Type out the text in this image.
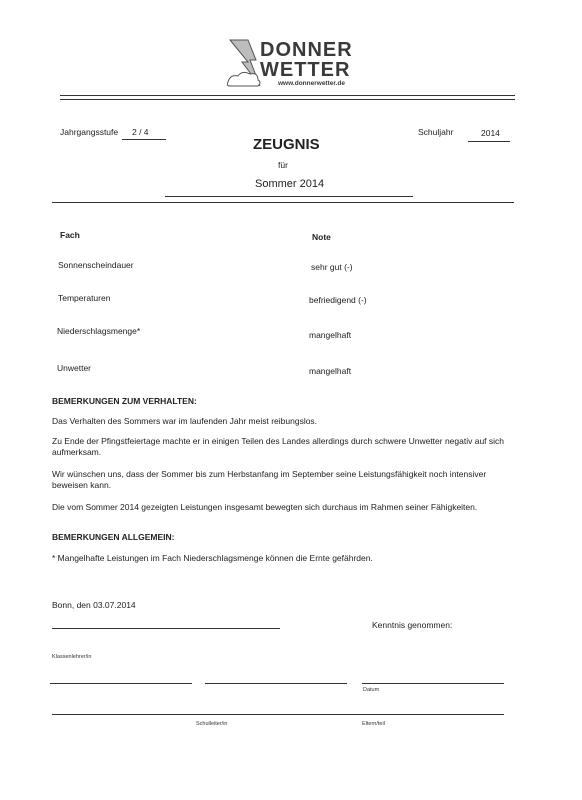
DONNER
WETTER
www.donnerwetter.de
Jahrgangsstufe 2 / 4
ZEUGNIS
für
Sommer 2014
Schuljahr	2014
Fach	Note
Sonnenscheindauer	sehr gut (-)
Temperaturen	befriedigend (-)
Niederschlagsmenge*	mangelhaft
Unwetter	mangelhaft
BEMERKUNGEN ZUM VERHALTEN:
Das Verhalten des Sommers war im laufenden Jahr meist reibungslos.
Zu Ende der Pfingstfeiertage machte er in einigen Teilen des Landes allerdings durch schwere Unwetter negativ auf sich aufmerksam.
Wir wünschen uns, dass der Sommer bis zum Herbstanfang im September seine Leistungsfähigkeit noch intensiver beweisen kann.
Die vom Sommer 2014 gezeigten Leistungen insgesamt bewegten sich durchaus im Rahmen seiner Fähigkeiten.
BEMERKUNGEN ALLGEMEIN:
* Mangelhafte Leistungen im Fach Niederschlagsmenge können die Ernte gefährden.
Bonn, den 03.07.2014
Kenntnis genommen:
Klassenlehrer/in
Datum
Schulleiter/in	Eltern/teil
